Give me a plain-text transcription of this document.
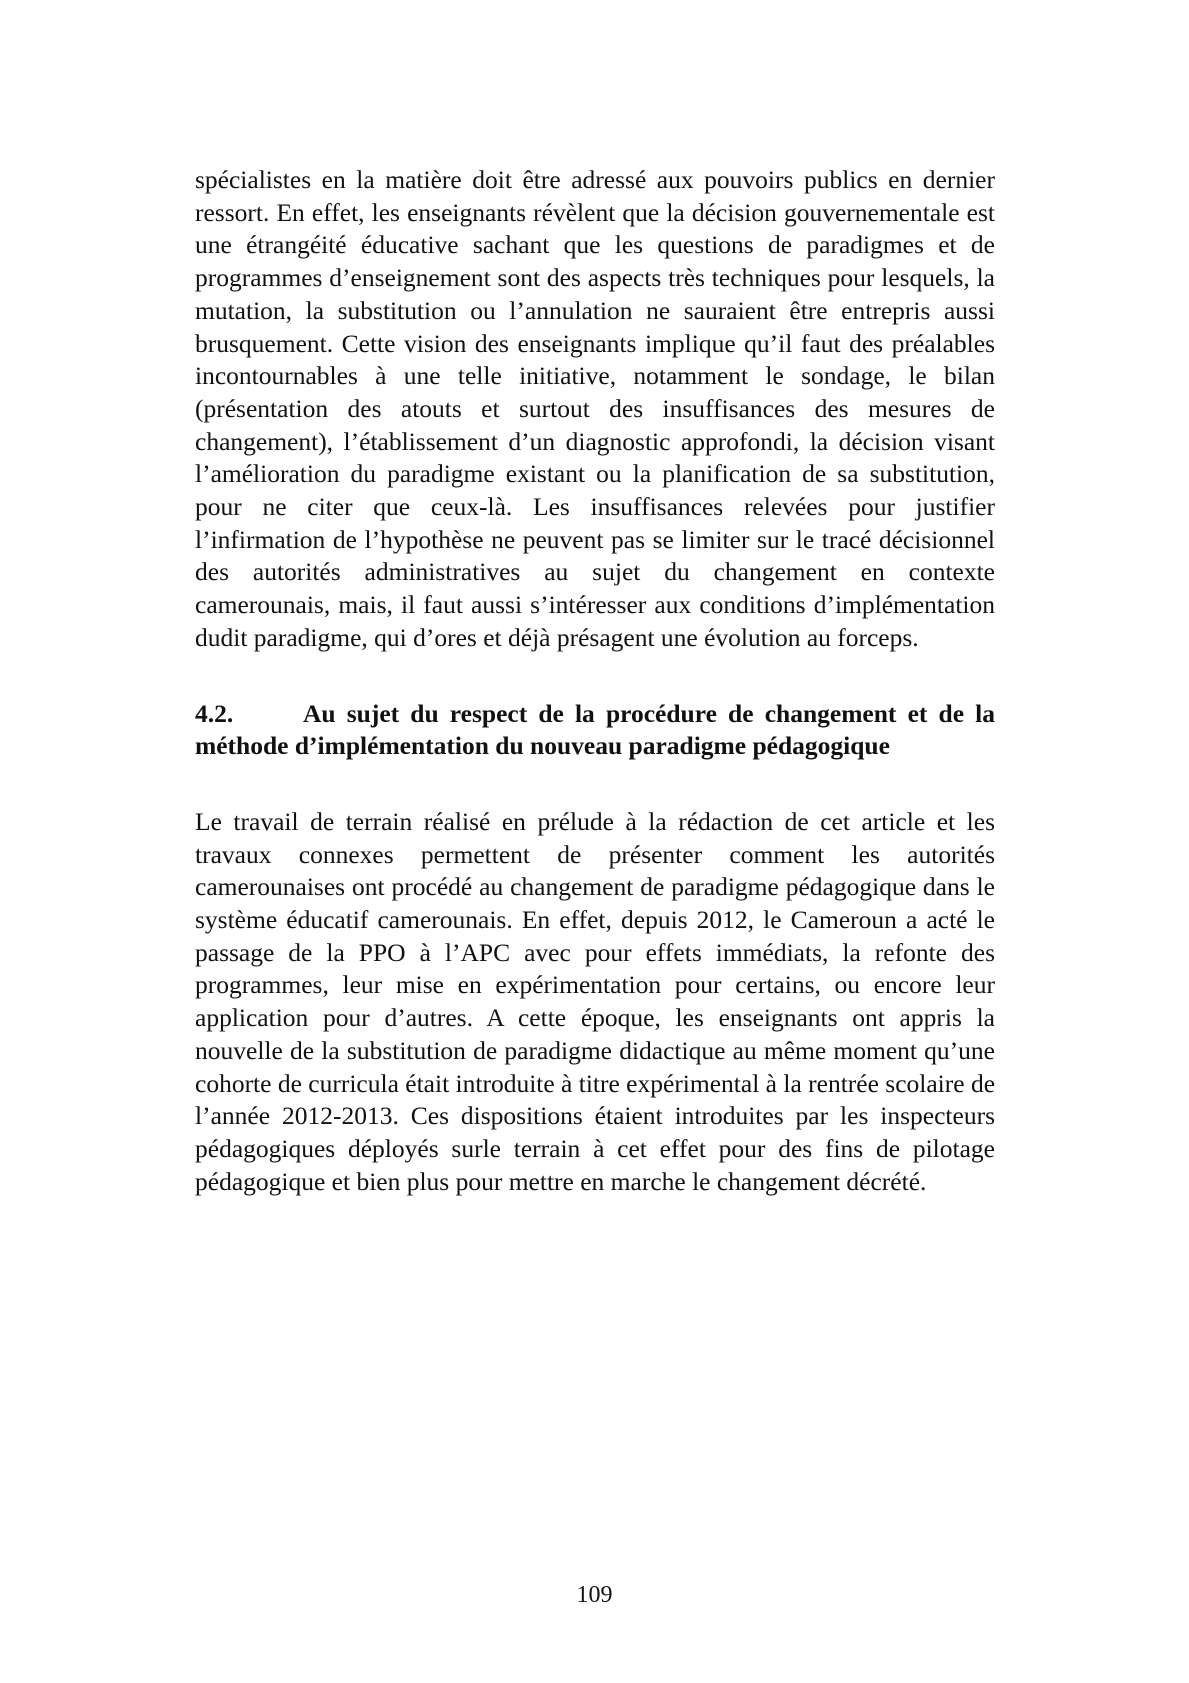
spécialistes en la matière doit être adressé aux pouvoirs publics en dernier ressort. En effet, les enseignants révèlent que la décision gouvernementale est une étrangéité éducative sachant que les questions de paradigmes et de programmes d’enseignement sont des aspects très techniques pour lesquels, la mutation, la substitution ou l’annulation ne sauraient être entrepris aussi brusquement. Cette vision des enseignants implique qu’il faut des préalables incontournables à une telle initiative, notamment le sondage, le bilan (présentation des atouts et surtout des insuffisances des mesures de changement), l’établissement d’un diagnostic approfondi, la décision visant l’amélioration du paradigme existant ou la planification de sa substitution, pour ne citer que ceux-là. Les insuffisances relevées pour justifier l’infirmation de l’hypothèse ne peuvent pas se limiter sur le tracé décisionnel des autorités administratives au sujet du changement en contexte camerounais, mais, il faut aussi s’intéresser aux conditions d’implémentation dudit paradigme, qui d’ores et déjà présagent une évolution au forceps.

4.2.	Au sujet du respect de la procédure de changement et de la méthode d’implémentation du nouveau paradigme pédagogique

Le travail de terrain réalisé en prélude à la rédaction de cet article et les travaux connexes permettent de présenter comment les autorités camerounaises ont procédé au changement de paradigme pédagogique dans le système éducatif camerounais. En effet, depuis 2012, le Cameroun a acté le passage de la PPO à l’APC avec pour effets immédiats, la refonte des programmes, leur mise en expérimentation pour certains, ou encore leur application pour d’autres. A cette époque, les enseignants ont appris la nouvelle de la substitution de paradigme didactique au même moment qu’une cohorte de curricula était introduite à titre expérimental à la rentrée scolaire de l’année 2012-2013. Ces dispositions étaient introduites par les inspecteurs pédagogiques déployés surle terrain à cet effet pour des fins de pilotage pédagogique et bien plus pour mettre en marche le changement décrété.

109
